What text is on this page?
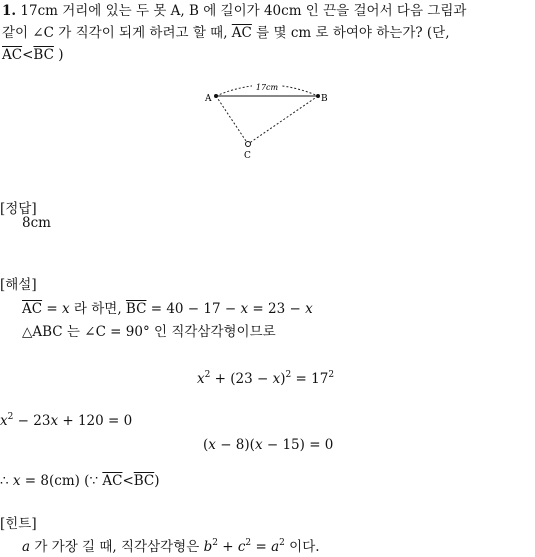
1. 17cm 거리에 있는 두 못 A, B 에 길이가 40cm 인 끈을 걸어서 다음 그림과
같이 ∠C 가 직각이 되게 하려고 할 때, $\overline{AC}$ 를 몇 cm 로 하여야 하는가? (단,
$\overline{AC}<\overline{BC}$ )
17cm
A	B
C
[정답]
8cm
[해설]
$\overline{AC} = x$ 라 하면, $\overline{BC} = 40 - 17 - x = 23 - x$
△ABC 는 ∠C = 90° 인 직각삼각형이므로
$x^2 + (23 - x)^2 = 17^2$
$x^2 - 23x + 120 = 0$
(x − 8)(x − 15) = 0
∴ x = 8(cm) (∵ $\overline{AC}<\overline{BC}$)
[힌트]
a 가 가장 길 때, 직각삼각형은 $b^2 + c^2 = a^2$ 이다.
